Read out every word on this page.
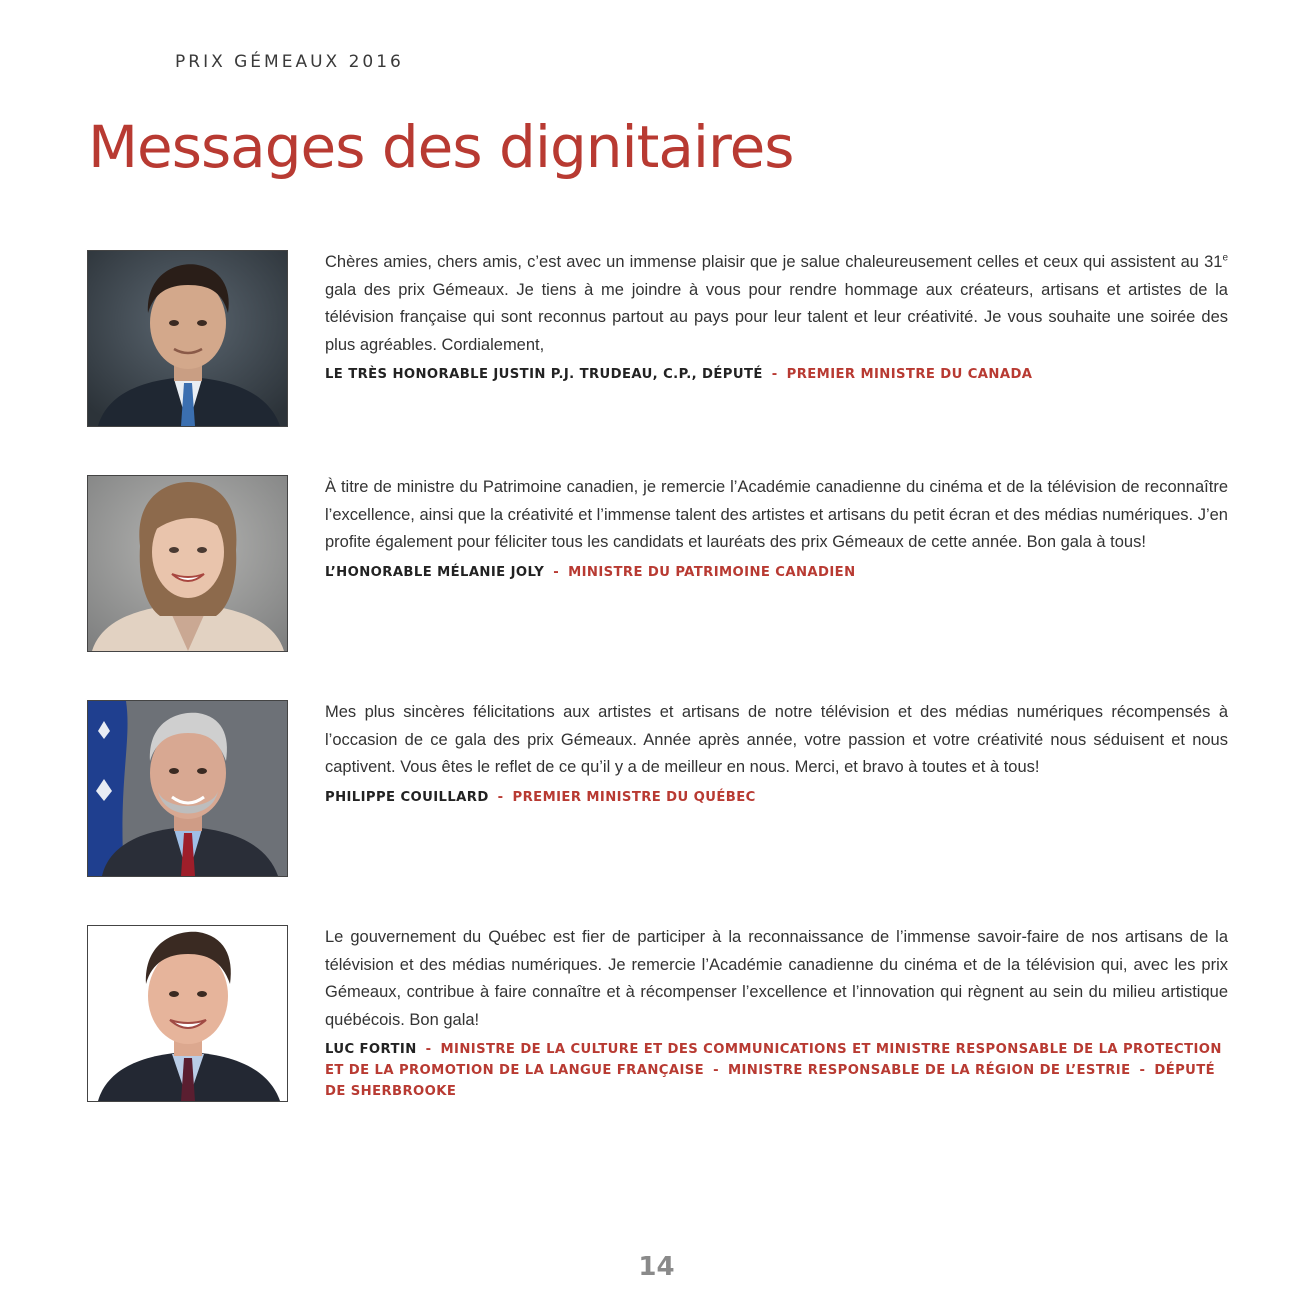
PRIX GÉMEAUX 2016
Messages des dignitaires

Chères amies, chers amis, c’est avec un immense plaisir que je salue chaleureusement celles et ceux qui assistent au 31e gala des prix Gémeaux. Je tiens à me joindre à vous pour rendre hommage aux créateurs, artisans et artistes de la télévision française qui sont reconnus partout au pays pour leur talent et leur créativité. Je vous souhaite une soirée des plus agréables. Cordialement,

LE TRÈS HONORABLE JUSTIN P.J. TRUDEAU, C.P., DÉPUTÉ - PREMIER MINISTRE DU CANADA

À titre de ministre du Patrimoine canadien, je remercie l’Académie canadienne du cinéma et de la télévision de reconnaître l’excellence, ainsi que la créativité et l’immense talent des artistes et artisans du petit écran et des médias numériques. J’en profite également pour féliciter tous les candidats et lauréats des prix Gémeaux de cette année. Bon gala à tous!

L’HONORABLE MÉLANIE JOLY - MINISTRE DU PATRIMOINE CANADIEN

Mes plus sincères félicitations aux artistes et artisans de notre télévision et des médias numériques récompensés à l’occasion de ce gala des prix Gémeaux. Année après année, votre passion et votre créativité nous séduisent et nous captivent. Vous êtes le reflet de ce qu’il y a de meilleur en nous. Merci, et bravo à toutes et à tous!

PHILIPPE COUILLARD - PREMIER MINISTRE DU QUÉBEC

Le gouvernement du Québec est fier de participer à la reconnaissance de l’immense savoir-faire de nos artisans de la télévision et des médias numériques. Je remercie l’Académie canadienne du cinéma et de la télévision qui, avec les prix Gémeaux, contribue à faire connaître et à récompenser l’excellence et l’innovation qui règnent au sein du milieu artistique québécois. Bon gala!

LUC FORTIN - MINISTRE DE LA CULTURE ET DES COMMUNICATIONS ET MINISTRE RESPONSABLE DE LA PROTECTION ET DE LA PROMOTION DE LA LANGUE FRANÇAISE - MINISTRE RESPONSABLE DE LA RÉGION DE L’ESTRIE - DÉPUTÉ DE SHERBROOKE
14
